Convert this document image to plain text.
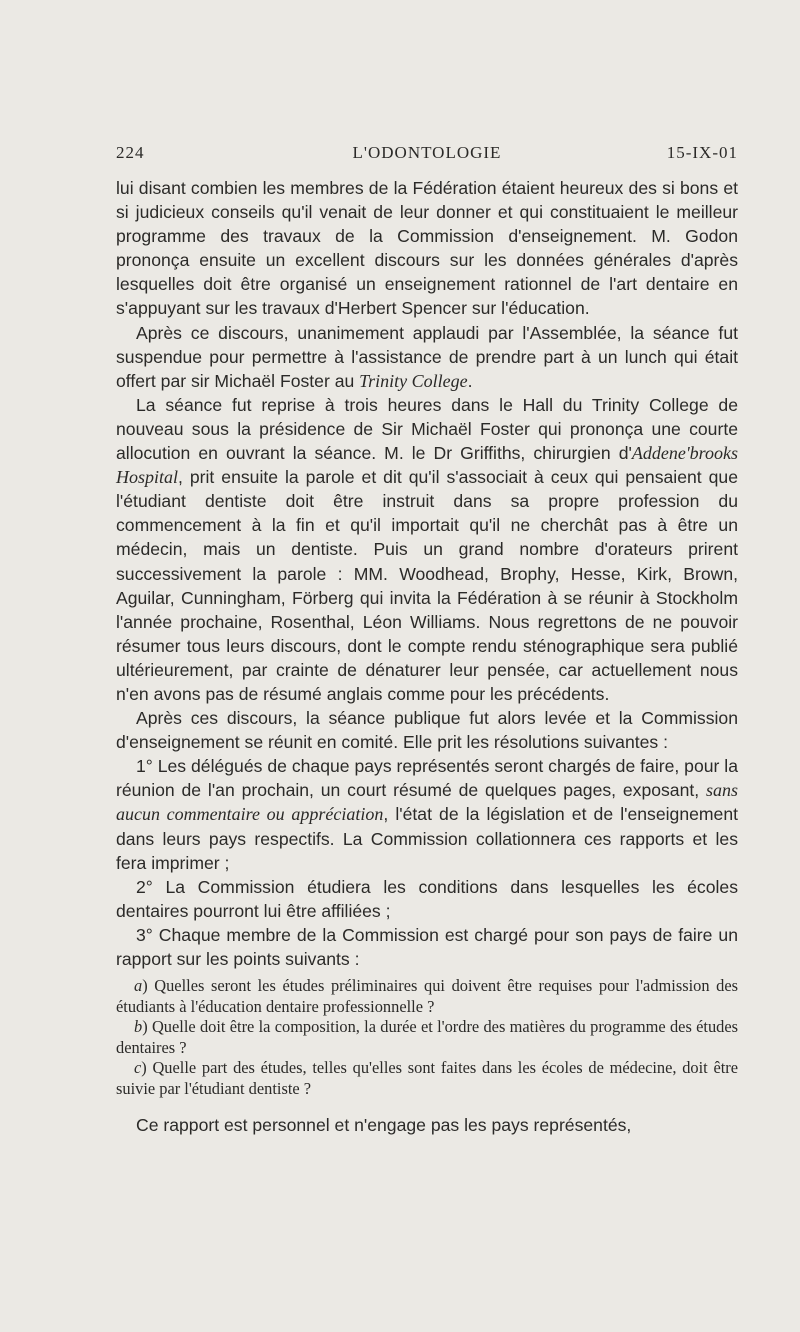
224	L'ODONTOLOGIE	15-IX-01

lui disant combien les membres de la Fédération étaient heureux des si bons et si judicieux conseils qu'il venait de leur donner et qui constituaient le meilleur programme des travaux de la Commission d'enseignement. M. Godon prononça ensuite un excellent discours sur les données générales d'après lesquelles doit être organisé un enseignement rationnel de l'art dentaire en s'appuyant sur les travaux d'Herbert Spencer sur l'éducation.

Après ce discours, unanimement applaudi par l'Assemblée, la séance fut suspendue pour permettre à l'assistance de prendre part à un lunch qui était offert par sir Michaël Foster au Trinity College.

La séance fut reprise à trois heures dans le Hall du Trinity College de nouveau sous la présidence de Sir Michaël Foster qui prononça une courte allocution en ouvrant la séance. M. le Dr Griffiths, chirurgien d'Addene'brooks Hospital, prit ensuite la parole et dit qu'il s'associait à ceux qui pensaient que l'étudiant dentiste doit être instruit dans sa propre profession du commencement à la fin et qu'il importait qu'il ne cherchât pas à être un médecin, mais un dentiste. Puis un grand nombre d'orateurs prirent successivement la parole : MM. Woodhead, Brophy, Hesse, Kirk, Brown, Aguilar, Cunningham, Förberg qui invita la Fédération à se réunir à Stockholm l'année prochaine, Rosenthal, Léon Williams. Nous regrettons de ne pouvoir résumer tous leurs discours, dont le compte rendu sténographique sera publié ultérieurement, par crainte de dénaturer leur pensée, car actuellement nous n'en avons pas de résumé anglais comme pour les précédents.

Après ces discours, la séance publique fut alors levée et la Commission d'enseignement se réunit en comité. Elle prit les résolutions suivantes :

1° Les délégués de chaque pays représentés seront chargés de faire, pour la réunion de l'an prochain, un court résumé de quelques pages, exposant, sans aucun commentaire ou appréciation, l'état de la législation et de l'enseignement dans leurs pays respectifs. La Commission collationnera ces rapports et les fera imprimer ;

2° La Commission étudiera les conditions dans lesquelles les écoles dentaires pourront lui être affiliées ;

3° Chaque membre de la Commission est chargé pour son pays de faire un rapport sur les points suivants :

a) Quelles seront les études préliminaires qui doivent être requises pour l'admission des étudiants à l'éducation dentaire professionnelle ?

b) Quelle doit être la composition, la durée et l'ordre des matières du programme des études dentaires ?

c) Quelle part des études, telles qu'elles sont faites dans les écoles de médecine, doit être suivie par l'étudiant dentiste ?

Ce rapport est personnel et n'engage pas les pays représentés,
